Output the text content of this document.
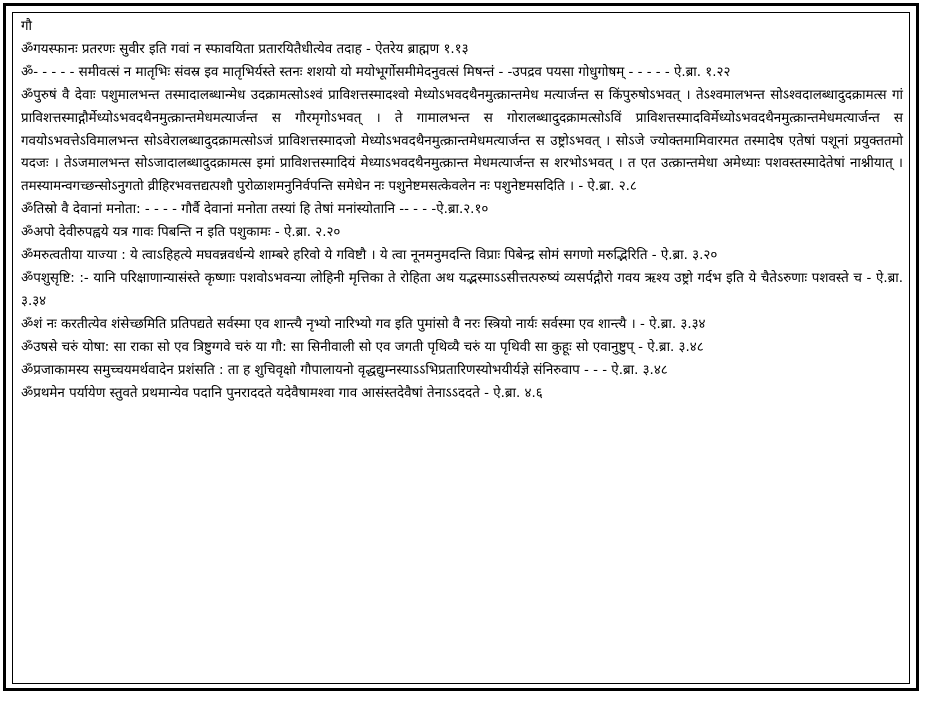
गौ

ॐगयस्फानः प्रतरणः सुवीर इति गवां न स्फावयिता प्रतारयितैधीत्येव तदाह - ऐतरेय ब्राह्मण १.१३

ॐ- - - - - समीवत्सं न मातृभिः संवस्र इव मातृभिर्यस्ते स्तनः शशयो यो मयोभूर्गोसमीमेदनुवत्सं मिषन्तं - -उपद्रव पयसा गोधुगोषम् - - - - - ऐ.ब्रा. १.२२

ॐपुरुषं वै देवाः पशुमालभन्त तस्मादालब्धान्मेध उदक्रामत्सोऽश्वं प्राविशत्तस्मादश्वो मेध्योऽभवदथैनमुत्क्रान्तमेध मत्यार्जन्त स किंपुरुषोऽभवत् । तेऽश्वमालभन्त सोऽश्वदालब्धादुदक्रामत्स गां प्राविशत्तस्माद्गौर्मेध्योऽभवदथैनमुत्क्रान्तमेधमत्यार्जन्त स गौरमृगोऽभवत् । ते गामालभन्त स गोरालब्धादुदक्रामत्सोऽविं प्राविशत्तस्मादविर्मेध्योऽभवदथैनमुत्क्रान्तमेधमत्यार्जन्त स गवयोऽभवत्तेऽविमालभन्त सोऽवेरालब्धादुदक्रामत्सोऽजं प्राविशत्तस्मादजो मेध्योऽभवदथैनमुत्क्रान्तमेधमत्यार्जन्त स उष्ट्रोऽभवत् । सोऽजे ज्योक्तमामिवारमत तस्मादेष एतेषां पशूनां प्रयुक्ततमो यदजः । तेऽजमालभन्त सोऽजादालब्धादुदक्रामत्स इमां प्राविशत्तस्मादियं मेध्याऽभवदथैनमुत्क्रान्त मेधमत्यार्जन्त स शरभोऽभवत् । त एत उत्क्रान्तमेधा अमेध्याः पशवस्तस्मादेतेषां नाश्नीयात् । तमस्यामन्वगच्छन्सोऽनुगतो व्रीहिरभवत्तद्यत्पशौ पुरोळाशमनुनिर्वपन्ति समेधेन नः पशुनेष्टमसत्केवलेन नः पशुनेष्टमसदिति । - ऐ.ब्रा. २.८

ॐतिस्रो वै देवानां मनोता: - - - - गौर्वै देवानां मनोता तस्यां हि तेषां मनांस्योतानि -- - - -ऐ.ब्रा.२.१०

ॐअपो देवीरुपह्वये यत्र गावः पिबन्ति न इति पशुकामः - ऐ.ब्रा. २.२०

ॐमरुत्वतीया याज्या : ये त्वाऽहिहत्ये मघवन्नवर्धन्ये शाम्बरे हरिवो ये गविष्टौ । ये त्वा नूनमनुमदन्ति विप्राः पिबेन्द्र सोमं सगणो मरुद्भिरिति - ऐ.ब्रा. ३.२०

ॐपशुसृष्टि: :- यानि परिक्षाणान्यासंस्ते कृष्णाः पशवोऽभवन्या लोहिनी मृत्तिका ते रोहिता अथ यद्भस्माऽऽसीत्तत्परुष्यं व्यसर्पद्गौरो गवय ऋश्य उष्ट्रो गर्दभ इति ये चैतेऽरुणाः पशवस्ते च - ऐ.ब्रा. ३.३४

ॐशं नः करतीत्येव शंसेच्छमिति प्रतिपद्यते सर्वस्मा एव शान्त्यै नृभ्यो नारिभ्यो गव इति पुमांसो वै नरः स्त्रियो नार्यः सर्वस्मा एव शान्त्यै । - ऐ.ब्रा. ३.३४

ॐउषसे चरुं योषा: सा राका सो एव त्रिष्टुग्गवे चरुं या गौ: सा सिनीवाली सो एव जगती पृथिव्यै चरुं या पृथिवी सा कुहूः सो एवानुष्टुप् - ऐ.ब्रा. ३.४८

ॐप्रजाकामस्य समुच्चयमर्थवादेन प्रशंसति : ता ह शुचिवृक्षो गौपालायनो वृद्धद्युम्नस्याऽऽभिप्रतारिणस्योभयीर्यज्ञे संनिरुवाप - - - ऐ.ब्रा. ३.४८

ॐप्रथमेन पर्यायेण स्तुवते प्रथमान्येव पदानि पुनराददते यदेवैषामश्वा गाव आसंस्तदेवैषां तेनाऽऽददते - ऐ.ब्रा. ४.६
